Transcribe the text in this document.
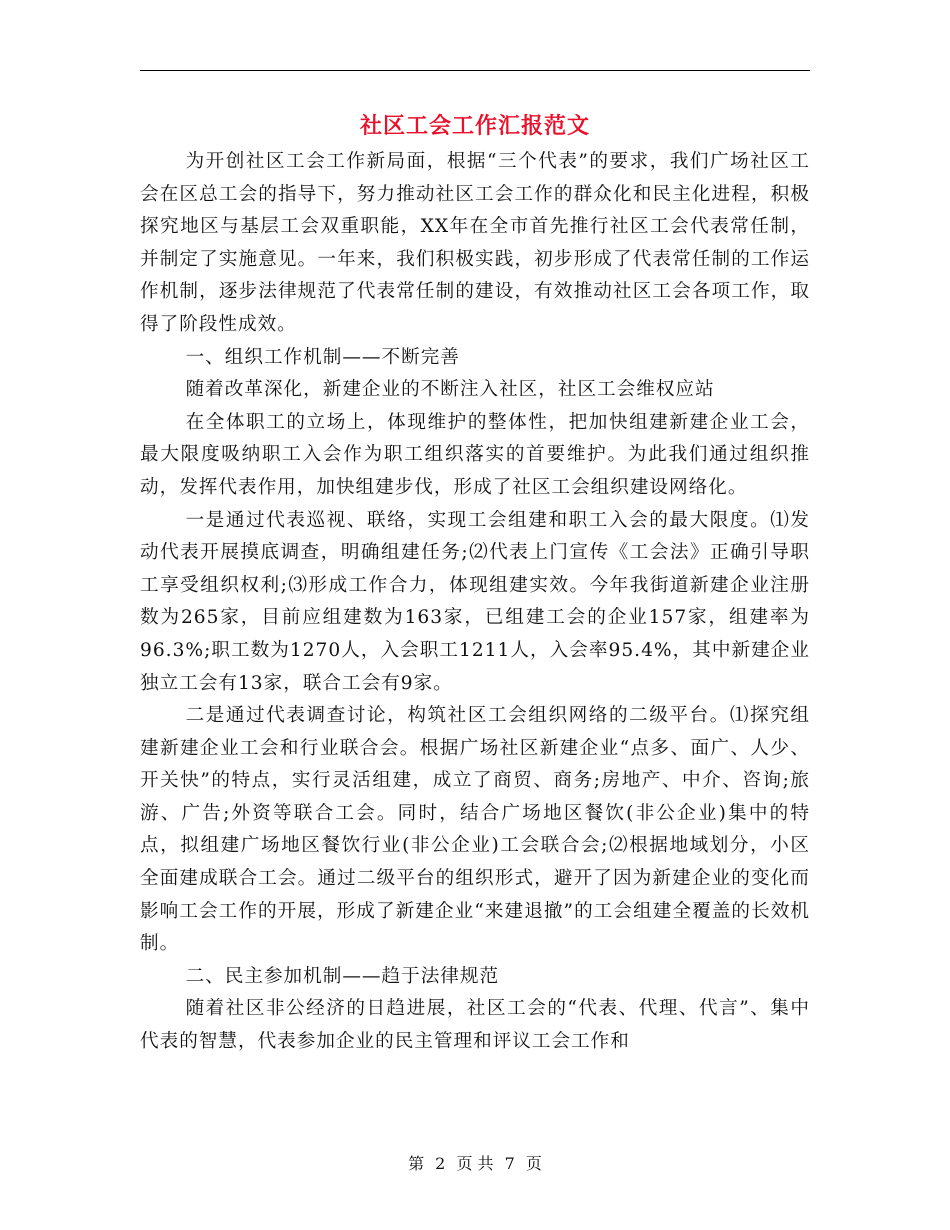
社区工会工作汇报范文

为开创社区工会工作新局面，根据“三个代表”的要求，我们广场社区工会在区总工会的指导下，努力推动社区工会工作的群众化和民主化进程，积极探究地区与基层工会双重职能，XX年在全市首先推行社区工会代表常任制，并制定了实施意见。一年来，我们积极实践，初步形成了代表常任制的工作运作机制，逐步法律规范了代表常任制的建设，有效推动社区工会各项工作，取得了阶段性成效。

一、组织工作机制——不断完善

随着改革深化，新建企业的不断注入社区，社区工会维权应站

在全体职工的立场上，体现维护的整体性，把加快组建新建企业工会，最大限度吸纳职工入会作为职工组织落实的首要维护。为此我们通过组织推动，发挥代表作用，加快组建步伐，形成了社区工会组织建设网络化。

一是通过代表巡视、联络，实现工会组建和职工入会的最大限度。⑴发动代表开展摸底调查，明确组建任务;⑵代表上门宣传《工会法》正确引导职工享受组织权利;⑶形成工作合力，体现组建实效。今年我街道新建企业注册数为265家，目前应组建数为163家，已组建工会的企业157家，组建率为96.3%;职工数为1270人，入会职工1211人，入会率95.4%，其中新建企业独立工会有13家，联合工会有9家。

二是通过代表调查讨论，构筑社区工会组织网络的二级平台。⑴探究组建新建企业工会和行业联合会。根据广场社区新建企业“点多、面广、人少、开关快”的特点，实行灵活组建，成立了商贸、商务;房地产、中介、咨询;旅游、广告;外资等联合工会。同时，结合广场地区餐饮(非公企业)集中的特点，拟组建广场地区餐饮行业(非公企业)工会联合会;⑵根据地域划分，小区全面建成联合工会。通过二级平台的组织形式，避开了因为新建企业的变化而影响工会工作的开展，形成了新建企业“来建退撤”的工会组建全覆盖的长效机制。

二、民主参加机制——趋于法律规范

随着社区非公经济的日趋进展，社区工会的“代表、代理、代言”、集中代表的智慧，代表参加企业的民主管理和评议工会工作和

第 2 页 共 7 页
